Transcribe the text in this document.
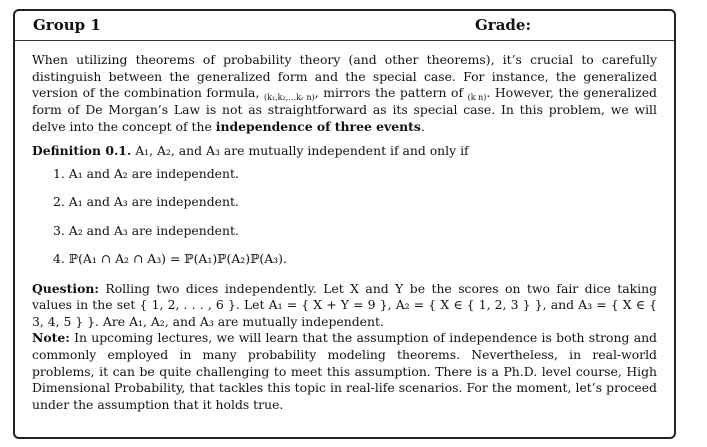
Group 1	Grade:

When utilizing theorems of probability theory (and other theorems), it’s crucial to carefully distinguish between the generalized form and the special case. For instance, the generalized version of the combination formula, (k₁,k₂,…kᵣ n), mirrors the pattern of (k n). However, the generalized form of De Morgan’s Law is not as straightforward as its special case. In this problem, we will delve into the concept of the independence of three events.

Definition 0.1. A₁, A₂, and A₃ are mutually independent if and only if

1. A₁ and A₂ are independent.
2. A₁ and A₃ are independent.
3. A₂ and A₃ are independent.
4. ℙ(A₁ ∩ A₂ ∩ A₃) = ℙ(A₁)ℙ(A₂)ℙ(A₃).

Question: Rolling two dices independently. Let X and Y be the scores on two fair dice taking values in the set { 1, 2, . . . , 6 }. Let A₁ = { X + Y = 9 }, A₂ = { X ∈ { 1, 2, 3 } }, and A₃ = { X ∈ { 3, 4, 5 } }. Are A₁, A₂, and A₃ are mutually independent.

Note: In upcoming lectures, we will learn that the assumption of independence is both strong and commonly employed in many probability modeling theorems. Nevertheless, in real-world problems, it can be quite challenging to meet this assumption. There is a Ph.D. level course, High Dimensional Probability, that tackles this topic in real-life scenarios. For the moment, let’s proceed under the assumption that it holds true.
